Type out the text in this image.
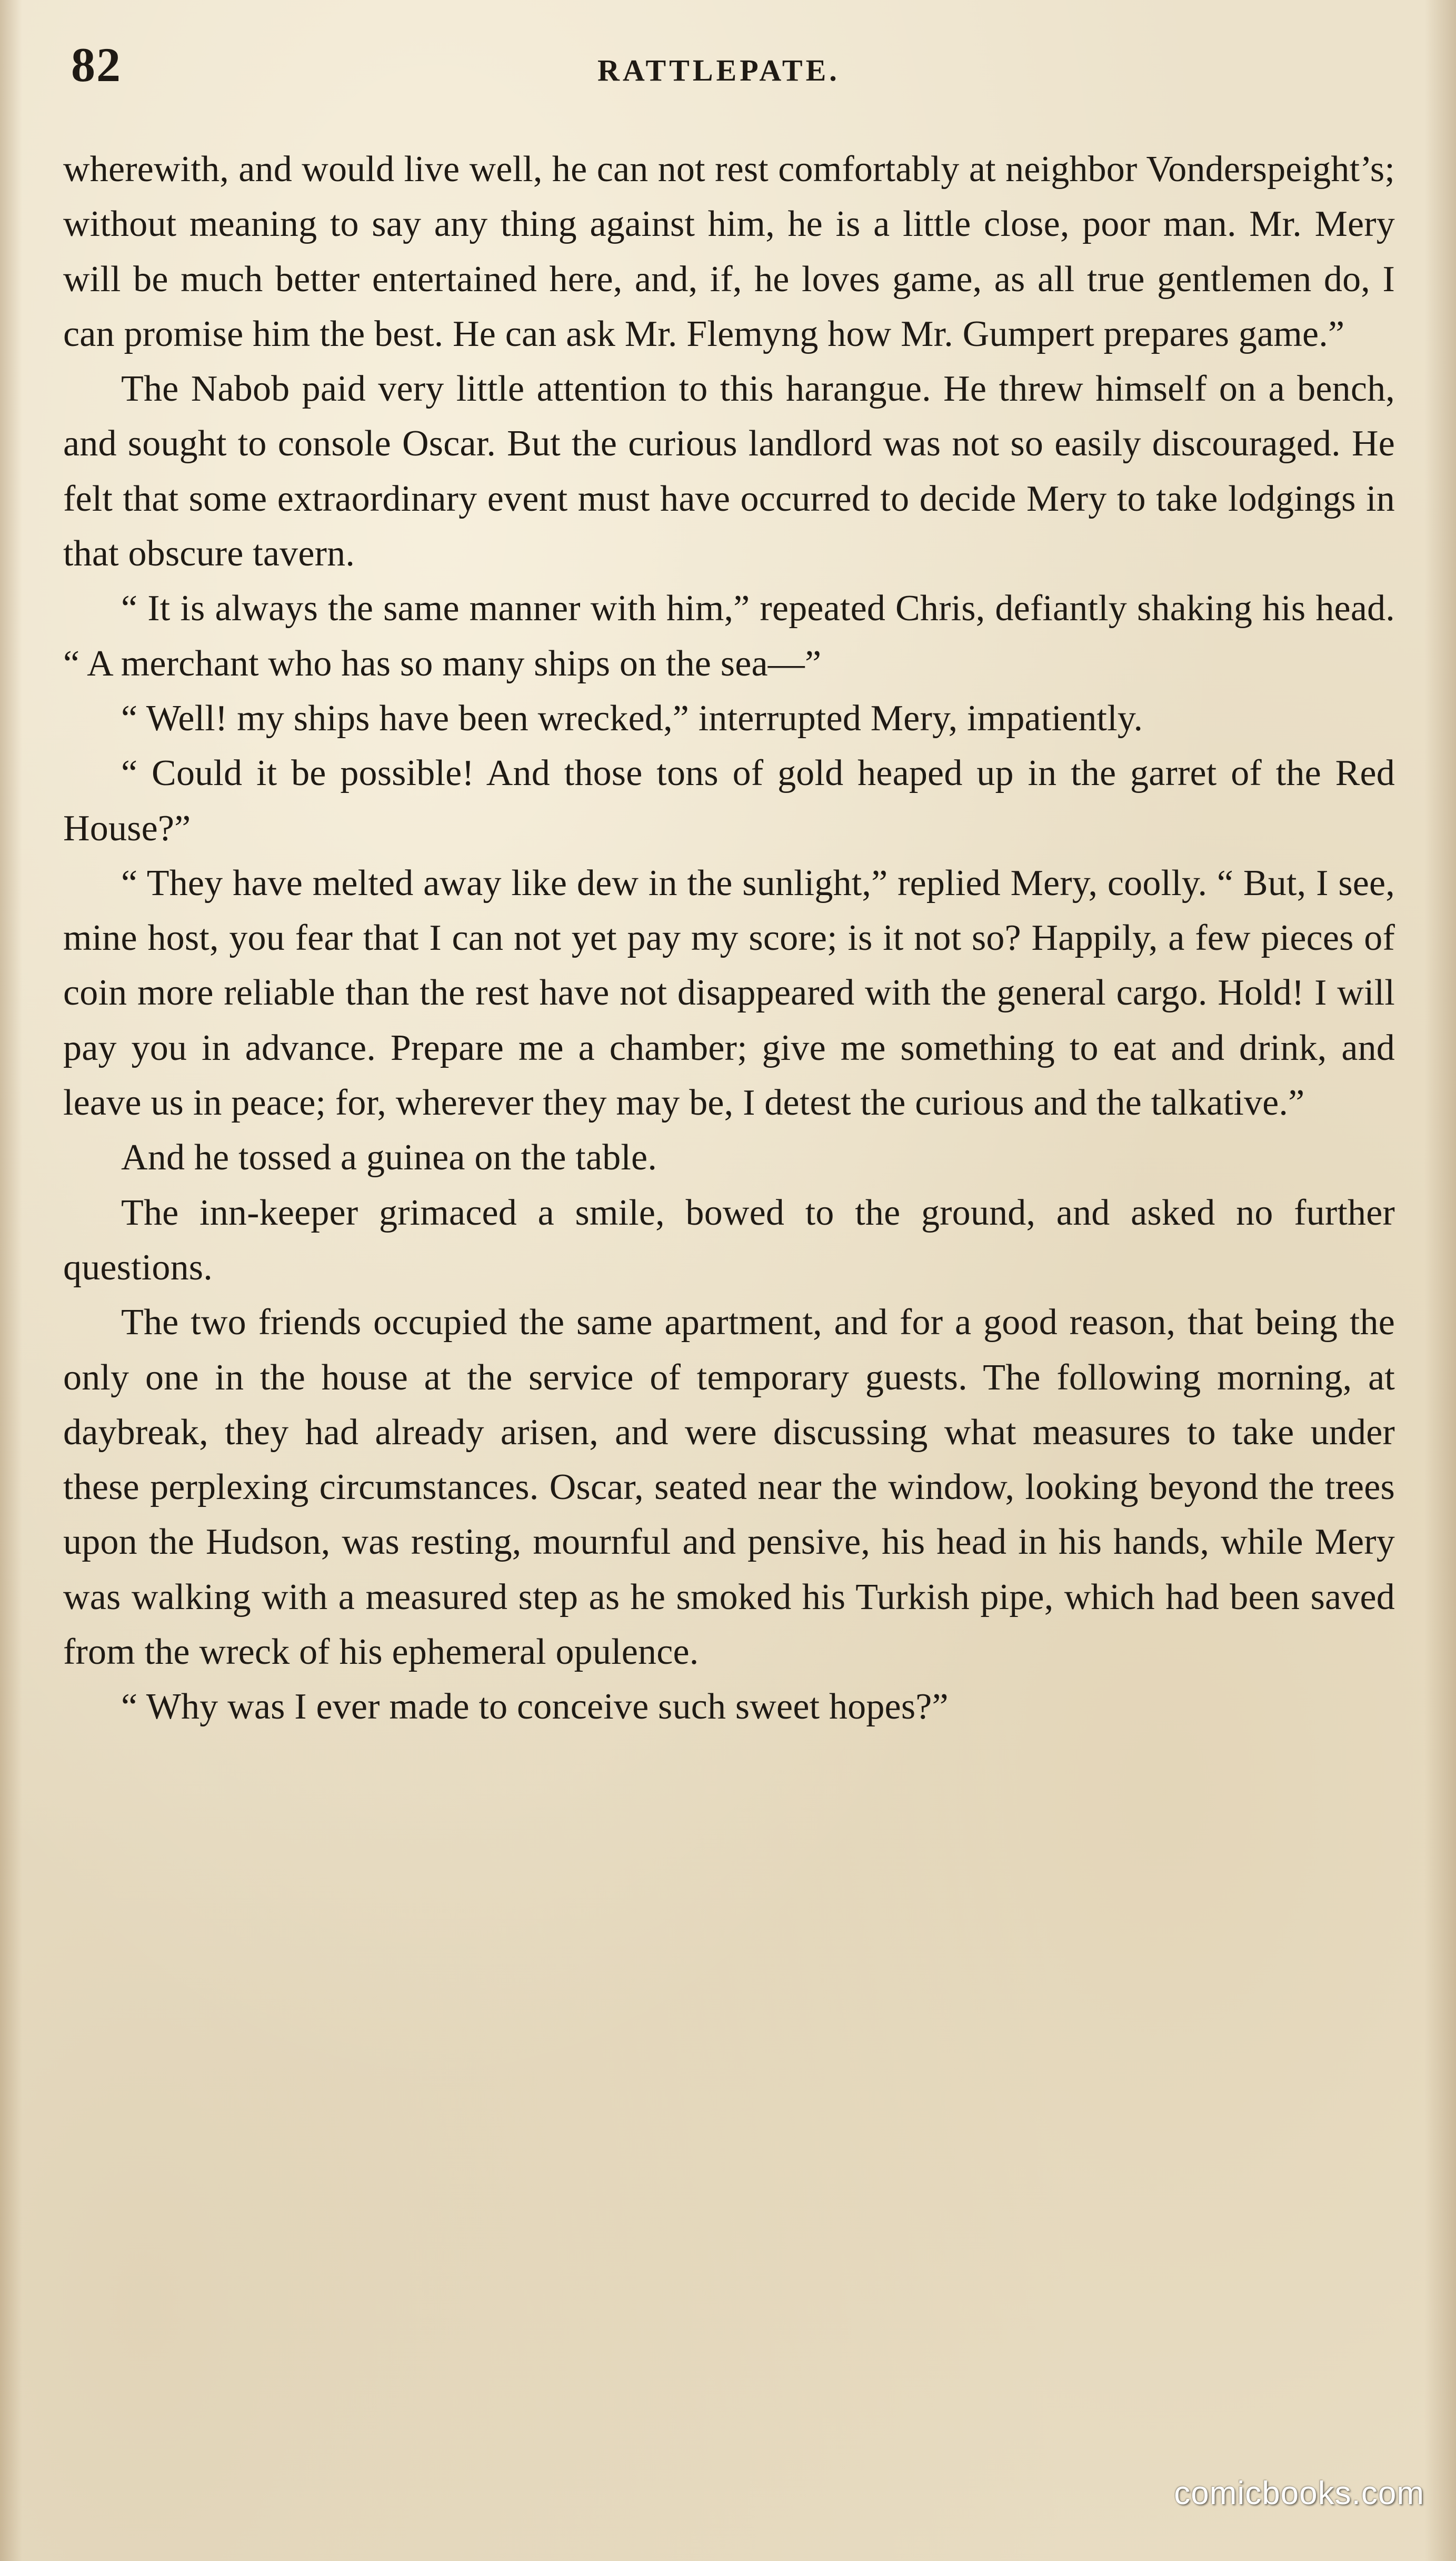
82	RATTLEPATE.

wherewith, and would live well, he can not rest comfortably at neighbor Vonderspeight’s; without meaning to say any thing against him, he is a little close, poor man. Mr. Mery will be much better entertained here, and, if, he loves game, as all true gentlemen do, I can promise him the best. He can ask Mr. Flemyng how Mr. Gumpert prepares game.”

The Nabob paid very little attention to this harangue. He threw himself on a bench, and sought to console Oscar. But the curious landlord was not so easily discouraged. He felt that some extraordinary event must have occurred to decide Mery to take lodgings in that obscure tavern.

“ It is always the same manner with him,” repeated Chris, defiantly shaking his head. “ A merchant who has so many ships on the sea—”

“ Well! my ships have been wrecked,” interrupted Mery, impatiently.

“ Could it be possible! And those tons of gold heaped up in the garret of the Red House?”

“ They have melted away like dew in the sunlight,” replied Mery, coolly. “ But, I see, mine host, you fear that I can not yet pay my score; is it not so? Happily, a few pieces of coin more reliable than the rest have not disappeared with the general cargo. Hold! I will pay you in advance. Prepare me a chamber; give me something to eat and drink, and leave us in peace; for, wherever they may be, I detest the curious and the talkative.”

And he tossed a guinea on the table.

The inn-keeper grimaced a smile, bowed to the ground, and asked no further questions.

The two friends occupied the same apartment, and for a good reason, that being the only one in the house at the service of temporary guests. The following morning, at daybreak, they had already arisen, and were discussing what measures to take under these perplexing circumstances. Oscar, seated near the window, looking beyond the trees upon the Hudson, was resting, mournful and pensive, his head in his hands, while Mery was walking with a measured step as he smoked his Turkish pipe, which had been saved from the wreck of his ephemeral opulence.

“ Why was I ever made to conceive such sweet hopes?”

comicbooks.com
